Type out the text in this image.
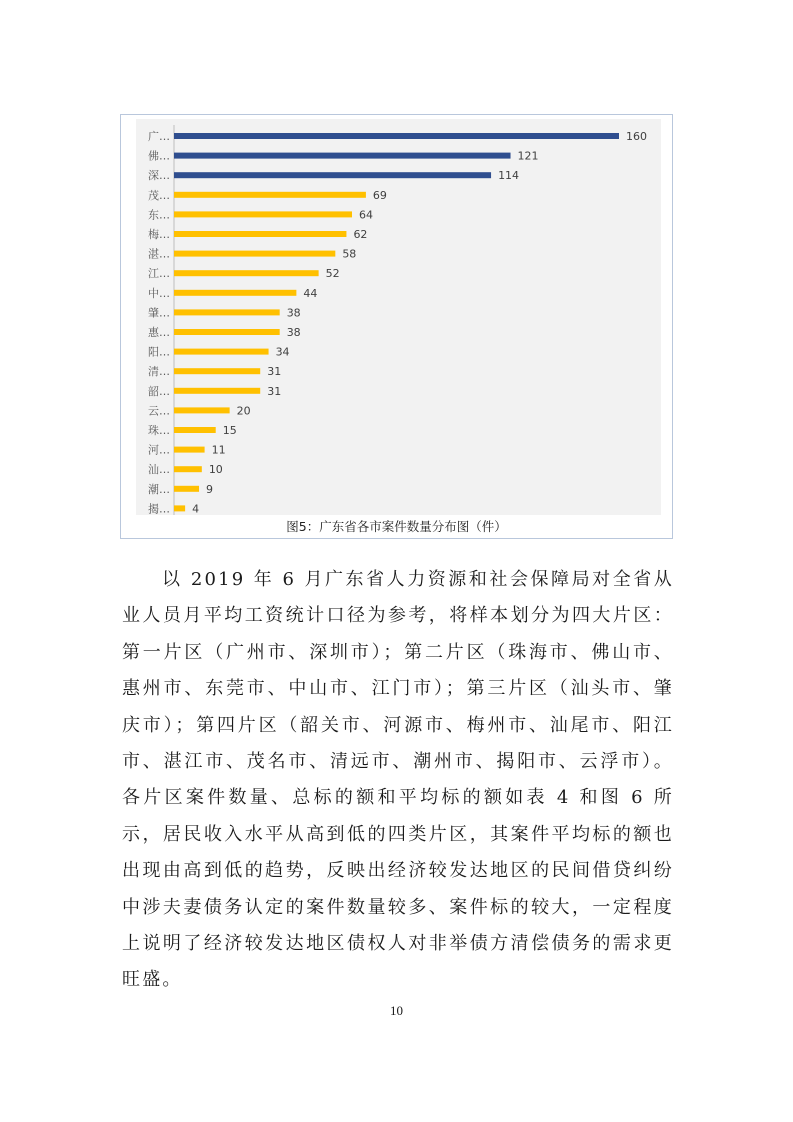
广…	160
佛…	121
深…	114
茂…	69
东…	64
梅…	62
湛…	58
江…	52
中…	44
肇…	38
惠…	38
阳…	34
清…	31
韶…	31
云…	20
珠…	15
河…	11
汕…	10
潮…	9
揭… 4
图5：广东省各市案件数量分布图（件）

以 2019 年 6 月广东省人力资源和社会保障局对全省从业人员月平均工资统计口径为参考，将样本划分为四大片区：第一片区（广州市、深圳市）；第二片区（珠海市、佛山市、惠州市、东莞市、中山市、江门市）；第三片区（汕头市、肇庆市）；第四片区（韶关市、河源市、梅州市、汕尾市、阳江市、湛江市、茂名市、清远市、潮州市、揭阳市、云浮市）。各片区案件数量、总标的额和平均标的额如表 4 和图 6 所示，居民收入水平从高到低的四类片区，其案件平均标的额也出现由高到低的趋势，反映出经济较发达地区的民间借贷纠纷中涉夫妻债务认定的案件数量较多、案件标的较大，一定程度上说明了经济较发达地区债权人对非举债方清偿债务的需求更旺盛。

10
